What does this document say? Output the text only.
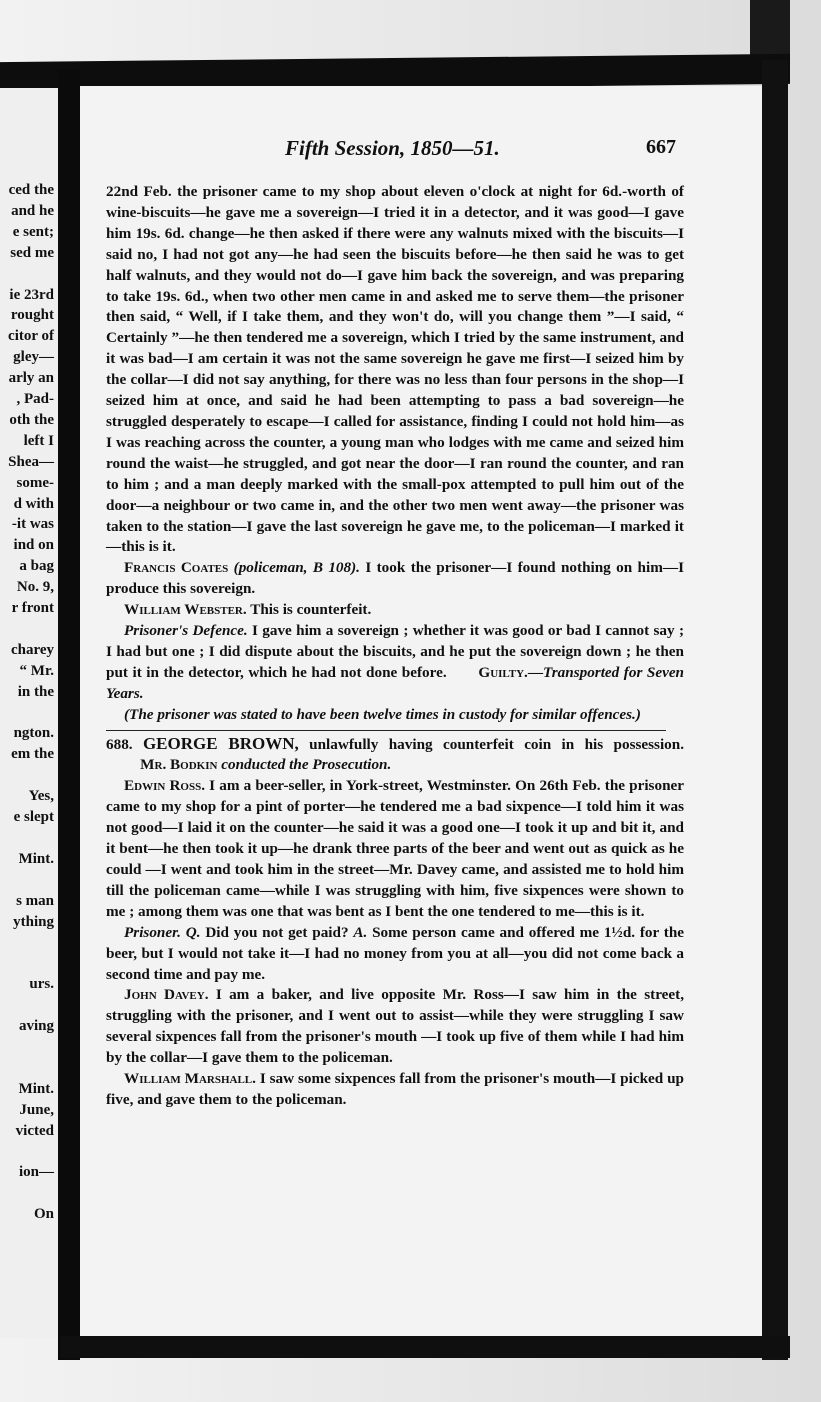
ced the
and he
e sent;
sed me
ie 23rd
rought
citor of
gley—
arly an
, Pad-
oth the
left I
Shea—
some-
d with
-it was
ind on
a bag
No. 9,
r front
charey
“ Mr.
in the
ngton.
em the
Yes,
e slept
Mint.
s man
ything
urs.
aving
Mint.
June,
victed
ion—
On
Fifth Session, 1850—51.	667

22nd Feb. the prisoner came to my shop about eleven o'clock at night for 6d.-worth of wine-biscuits—he gave me a sovereign—I tried it in a detector, and it was good—I gave him 19s. 6d. change—he then asked if there were any walnuts mixed with the biscuits—I said no, I had not got any—he had seen the biscuits before—he then said he was to get half walnuts, and they would not do—I gave him back the sovereign, and was preparing to take 19s. 6d., when two other men came in and asked me to serve them—the prisoner then said, “ Well, if I take them, and they won't do, will you change them ”—I said, “ Certainly ”—he then tendered me a sovereign, which I tried by the same instrument, and it was bad—I am certain it was not the same sovereign he gave me first—I seized him by the collar—I did not say anything, for there was no less than four persons in the shop—I seized him at once, and said he had been attempting to pass a bad sovereign—he struggled desperately to escape—I called for assistance, finding I could not hold him—as I was reaching across the counter, a young man who lodges with me came and seized him round the waist—he struggled, and got near the door—I ran round the counter, and ran to him ; and a man deeply marked with the small-pox attempted to pull him out of the door—a neighbour or two came in, and the other two men went away—the prisoner was taken to the station—I gave the last sovereign he gave me, to the policeman—I marked it—this is it.

Francis Coates (policeman, B 108). I took the prisoner—I found nothing on him—I produce this sovereign.

William Webster. This is counterfeit.

Prisoner's Defence. I gave him a sovereign ; whether it was good or bad I cannot say ; I had but one ; I did dispute about the biscuits, and he put the sovereign down ; he then put it in the detector, which he had not done before. Guilty.—Transported for Seven Years.

(The prisoner was stated to have been twelve times in custody for similar offences.)

688. GEORGE BROWN, unlawfully having counterfeit coin in his possession.          Mr. Bodkin conducted the Prosecution.

Edwin Ross. I am a beer-seller, in York-street, Westminster. On 26th Feb. the prisoner came to my shop for a pint of porter—he tendered me a bad sixpence—I told him it was not good—I laid it on the counter—he said it was a good one—I took it up and bit it, and it bent—he then took it up—he drank three parts of the beer and went out as quick as he could —I went and took him in the street—Mr. Davey came, and assisted me to hold him till the policeman came—while I was struggling with him, five sixpences were shown to me ; among them was one that was bent as I bent the one tendered to me—this is it.

Prisoner. Q. Did you not get paid? A. Some person came and offered me 1½d. for the beer, but I would not take it—I had no money from you at all—you did not come back a second time and pay me.

John Davey. I am a baker, and live opposite Mr. Ross—I saw him in the street, struggling with the prisoner, and I went out to assist—while they were struggling I saw several sixpences fall from the prisoner's mouth —I took up five of them while I had him by the collar—I gave them to the policeman.

William Marshall. I saw some sixpences fall from the prisoner's mouth—I picked up five, and gave them to the policeman.
